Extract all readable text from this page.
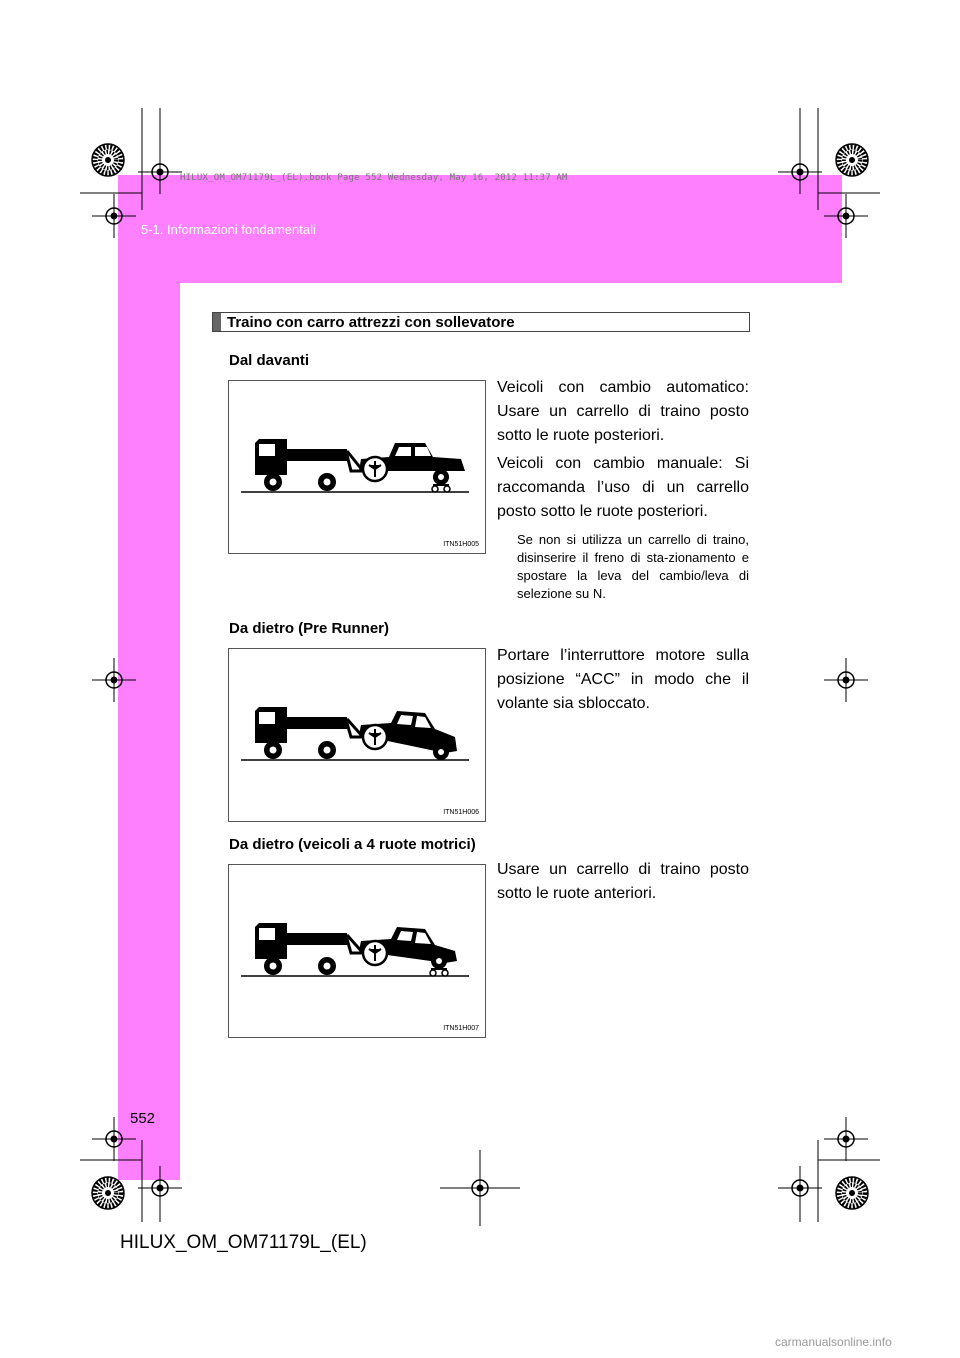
HILUX_OM_OM71179L_(EL).book Page 552 Wednesday, May 16, 2012 11:37 AM
5-1. Informazioni fondamentali
Traino con carro attrezzi con sollevatore
Dal davanti
ITN51H005
Veicoli con cambio automatico: Usare un carrello di traino posto sotto le ruote posteriori.
Veicoli con cambio manuale: Si raccomanda l’uso di un carrello posto sotto le ruote posteriori.
Se non si utilizza un carrello di traino, disinserire il freno di sta-zionamento e spostare la leva del cambio/leva di selezione su N.
Da dietro (Pre Runner)
ITN51H006
Portare l’interruttore motore sulla posizione “ACC” in modo che il volante sia sbloccato.
Da dietro (veicoli a 4 ruote motrici)
ITN51H007
Usare un carrello di traino posto sotto le ruote anteriori.
552
HILUX_OM_OM71179L_(EL)
carmanualsonline.info
